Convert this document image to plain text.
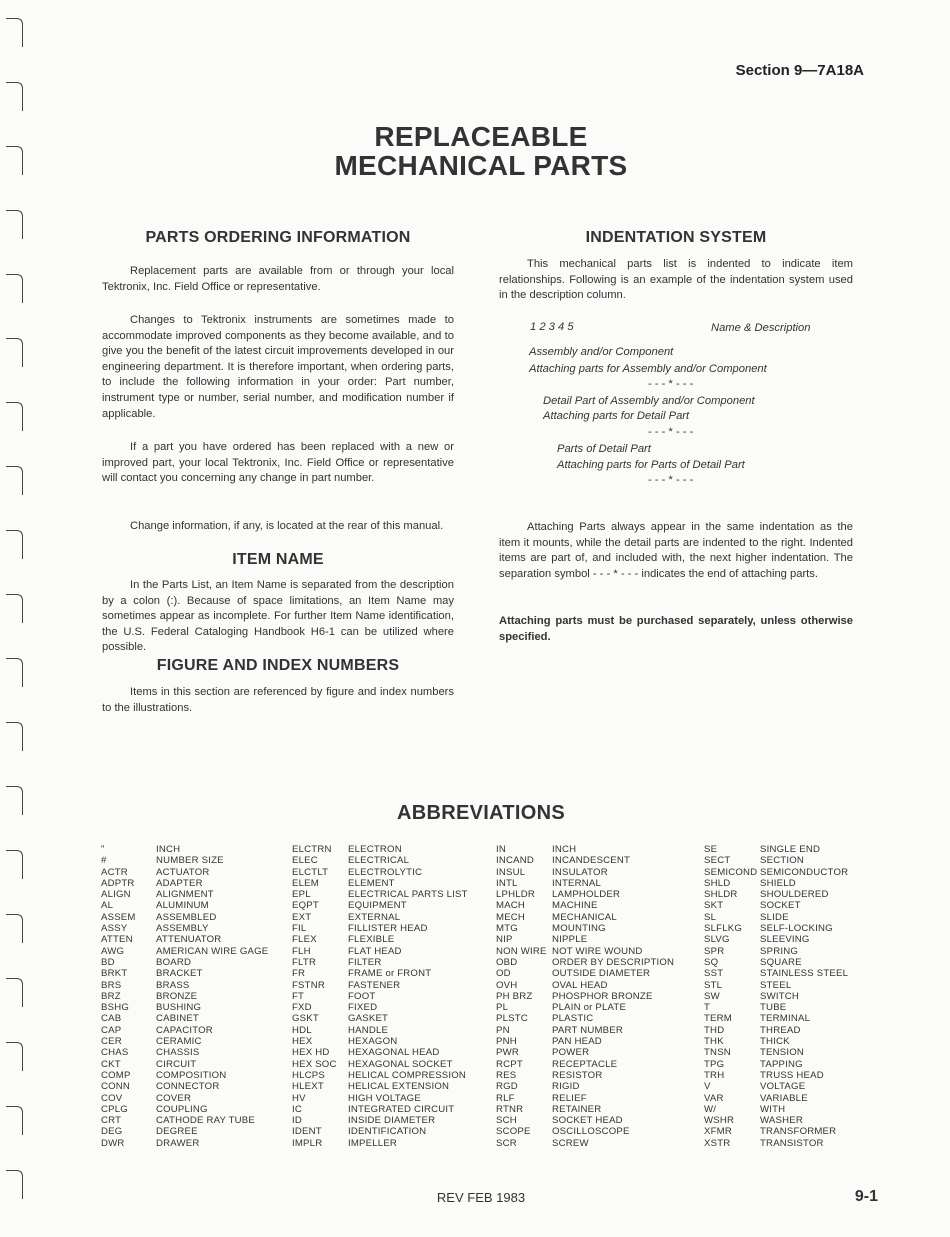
Section 9—7A18A
REPLACEABLE
MECHANICAL PARTS
PARTS ORDERING INFORMATION

Replacement parts are available from or through your local Tektronix, Inc. Field Office or representative.

Changes to Tektronix instruments are sometimes made to accommodate improved components as they become available, and to give you the benefit of the latest circuit improvements developed in our engineering department. It is therefore important, when ordering parts, to include the following information in your order: Part number, instrument type or number, serial number, and modification number if applicable.

If a part you have ordered has been replaced with a new or improved part, your local Tektronix, Inc. Field Office or representative will contact you concerning any change in part number.

Change information, if any, is located at the rear of this manual.

ITEM NAME

In the Parts List, an Item Name is separated from the description by a colon (:). Because of space limitations, an Item Name may sometimes appear as incomplete. For further Item Name identification, the U.S. Federal Cataloging Handbook H6-1 can be utilized where possible.

FIGURE AND INDEX NUMBERS

Items in this section are referenced by figure and index numbers to the illustrations.

INDENTATION SYSTEM

This mechanical parts list is indented to indicate item relationships. Following is an example of the indentation system used in the description column.

1 2 3 4 5	Name & Description
Assembly and/or Component
Attaching parts for Assembly and/or Component
- - - * - - -
Detail Part of Assembly and/or Component
Attaching parts for Detail Part
- - - * - - -
Parts of Detail Part
Attaching parts for Parts of Detail Part
- - - * - - -

Attaching Parts always appear in the same indentation as the item it mounts, while the detail parts are indented to the right. Indented items are part of, and included with, the next higher indentation. The separation symbol - - - * - - - indicates the end of attaching parts.

Attaching parts must be purchased separately, unless otherwise specified.

ABBREVIATIONS
"	INCH
#	NUMBER SIZE
ACTR	ACTUATOR
ADPTR	ADAPTER
ALIGN	ALIGNMENT
AL	ALUMINUM
ASSEM	ASSEMBLED
ASSY	ASSEMBLY
ATTEN	ATTENUATOR
AWG	AMERICAN WIRE GAGE
BD	BOARD
BRKT	BRACKET
BRS	BRASS
BRZ	BRONZE
BSHG	BUSHING
CAB	CABINET
CAP	CAPACITOR
CER	CERAMIC
CHAS	CHASSIS
CKT	CIRCUIT
COMP	COMPOSITION
CONN	CONNECTOR
COV	COVER
CPLG	COUPLING
CRT	CATHODE RAY TUBE
DEG	DEGREE
DWR	DRAWER
ELCTRN	ELECTRON
ELEC	ELECTRICAL
ELCTLT	ELECTROLYTIC
ELEM	ELEMENT
EPL	ELECTRICAL PARTS LIST
EQPT	EQUIPMENT
EXT	EXTERNAL
FIL	FILLISTER HEAD
FLEX	FLEXIBLE
FLH	FLAT HEAD
FLTR	FILTER
FR	FRAME or FRONT
FSTNR	FASTENER
FT	FOOT
FXD	FIXED
GSKT	GASKET
HDL	HANDLE
HEX	HEXAGON
HEX HD	HEXAGONAL HEAD
HEX SOC	HEXAGONAL SOCKET
HLCPS	HELICAL COMPRESSION
HLEXT	HELICAL EXTENSION
HV	HIGH VOLTAGE
IC	INTEGRATED CIRCUIT
ID	INSIDE DIAMETER
IDENT	IDENTIFICATION
IMPLR	IMPELLER
IN	INCH
INCAND	INCANDESCENT
INSUL	INSULATOR
INTL	INTERNAL
LPHLDR	LAMPHOLDER
MACH	MACHINE
MECH	MECHANICAL
MTG	MOUNTING
NIP	NIPPLE
NON WIRE NOT WIRE WOUND
OBD	ORDER BY DESCRIPTION
OD	OUTSIDE DIAMETER
OVH	OVAL HEAD
PH BRZ	PHOSPHOR BRONZE
PL	PLAIN or PLATE
PLSTC	PLASTIC
PN	PART NUMBER
PNH	PAN HEAD
PWR	POWER
RCPT	RECEPTACLE
RES	RESISTOR
RGD	RIGID
RLF	RELIEF
RTNR	RETAINER
SCH	SOCKET HEAD
SCOPE	OSCILLOSCOPE
SCR	SCREW
SE	SINGLE END
SECT	SECTION
SEMICOND SEMICONDUCTOR
SHLD	SHIELD
SHLDR	SHOULDERED
SKT	SOCKET
SL	SLIDE
SLFLKG	SELF-LOCKING
SLVG	SLEEVING
SPR	SPRING
SQ	SQUARE
SST	STAINLESS STEEL
STL	STEEL
SW	SWITCH
T	TUBE
TERM	TERMINAL
THD	THREAD
THK	THICK
TNSN	TENSION
TPG	TAPPING
TRH	TRUSS HEAD
V	VOLTAGE
VAR	VARIABLE
W/	WITH
WSHR	WASHER
XFMR	TRANSFORMER
XSTR	TRANSISTOR
REV FEB 1983	9-1
